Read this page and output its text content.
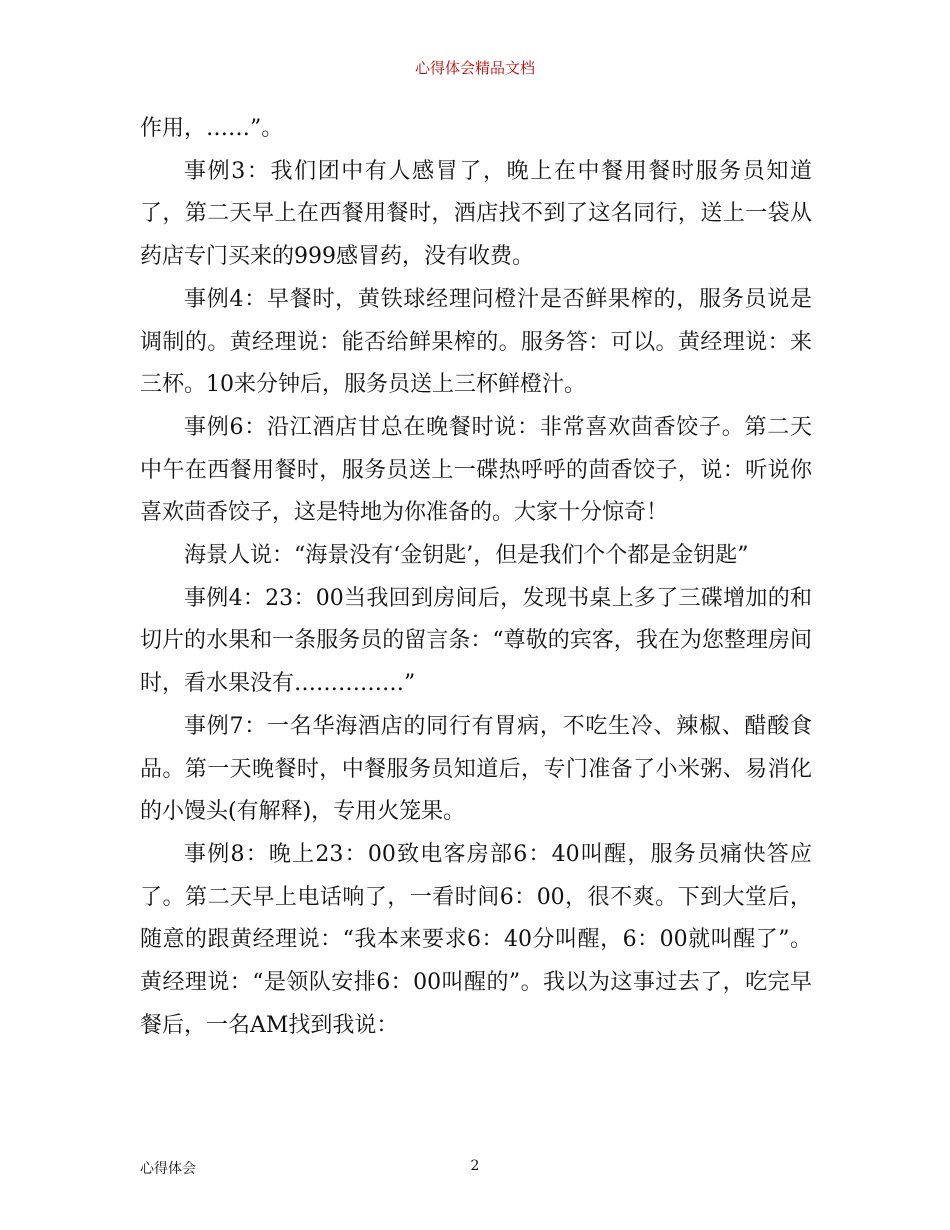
心得体会精品文档

作用，……”。

事例3：我们团中有人感冒了，晚上在中餐用餐时服务员知道了，第二天早上在西餐用餐时，酒店找不到了这名同行，送上一袋从药店专门买来的999感冒药，没有收费。

事例4：早餐时，黄铁球经理问橙汁是否鲜果榨的，服务员说是调制的。黄经理说：能否给鲜果榨的。服务答：可以。黄经理说：来三杯。10来分钟后，服务员送上三杯鲜橙汁。

事例6：沿江酒店甘总在晚餐时说：非常喜欢茴香饺子。第二天中午在西餐用餐时，服务员送上一碟热呼呼的茴香饺子，说：听说你喜欢茴香饺子，这是特地为你准备的。大家十分惊奇！

海景人说：“海景没有‘金钥匙’，但是我们个个都是金钥匙”

事例4：23：00当我回到房间后，发现书桌上多了三碟增加的和切片的水果和一条服务员的留言条：“尊敬的宾客，我在为您整理房间时，看水果没有……………”

事例7：一名华海酒店的同行有胃病，不吃生冷、辣椒、醋酸食品。第一天晚餐时，中餐服务员知道后，专门准备了小米粥、易消化的小馒头(有解释)，专用火笼果。

事例8：晚上23：00致电客房部6：40叫醒，服务员痛快答应了。第二天早上电话响了，一看时间6：00，很不爽。下到大堂后，随意的跟黄经理说：“我本来要求6：40分叫醒，6：00就叫醒了”。黄经理说：“是领队安排6：00叫醒的”。我以为这事过去了，吃完早餐后，一名AM找到我说：

心得体会	2
